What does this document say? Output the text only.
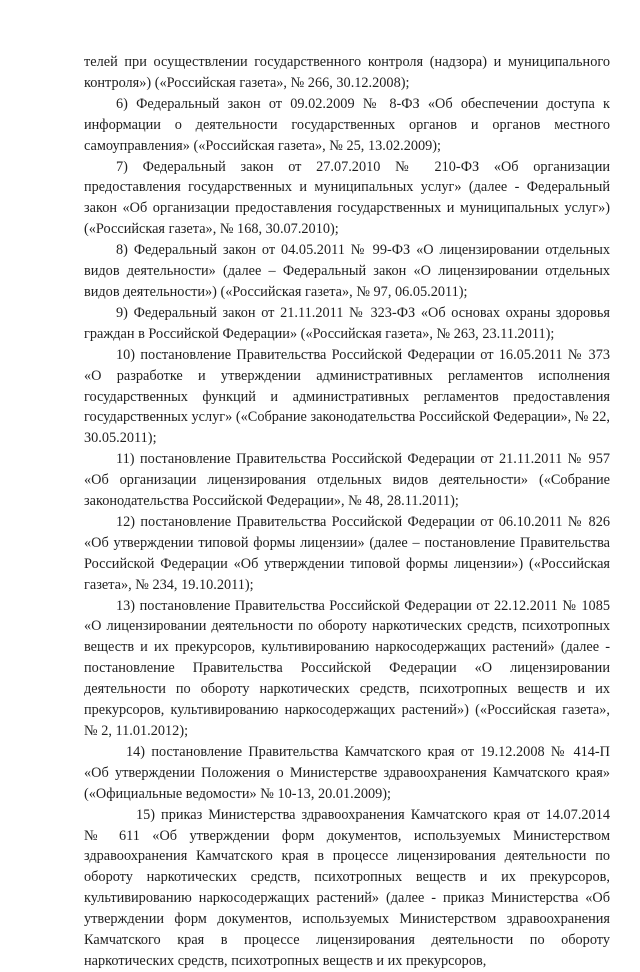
телей при осуществлении государственного контроля (надзора) и муниципального контроля») («Российская газета», № 266, 30.12.2008);

6) Федеральный закон от 09.02.2009 № 8-ФЗ «Об обеспечении доступа к информации о деятельности государственных органов и органов местного самоуправления» («Российская газета», № 25, 13.02.2009);

7) Федеральный закон от 27.07.2010 № 210-ФЗ «Об организации предоставления государственных и муниципальных услуг» (далее - Федеральный закон «Об организации предоставления государственных и муниципальных услуг») («Российская газета», № 168, 30.07.2010);

8) Федеральный закон от 04.05.2011 № 99-ФЗ «О лицензировании отдельных видов деятельности» (далее – Федеральный закон «О лицензировании отдельных видов деятельности») («Российская газета», № 97, 06.05.2011);

9) Федеральный закон от 21.11.2011 № 323-ФЗ «Об основах охраны здоровья граждан в Российской Федерации» («Российская газета», № 263, 23.11.2011);

10) постановление Правительства Российской Федерации от 16.05.2011 № 373 «О разработке и утверждении административных регламентов исполнения государственных функций и административных регламентов предоставления государственных услуг» («Собрание законодательства Российской Федерации», № 22, 30.05.2011);

11) постановление Правительства Российской Федерации от 21.11.2011 № 957 «Об организации лицензирования отдельных видов деятельности» («Собрание законодательства Российской Федерации», № 48, 28.11.2011);

12) постановление Правительства Российской Федерации от 06.10.2011 № 826 «Об утверждении типовой формы лицензии» (далее – постановление Правительства Российской Федерации «Об утверждении типовой формы лицензии») («Российская газета», № 234, 19.10.2011);

13) постановление Правительства Российской Федерации от 22.12.2011 № 1085 «О лицензировании деятельности по обороту наркотических средств, психотропных веществ и их прекурсоров, культивированию наркосодержащих растений» (далее - постановление Правительства Российской Федерации «О лицензировании деятельности по обороту наркотических средств, психотропных веществ и их прекурсоров, культивированию наркосодержащих растений») («Российская газета», № 2, 11.01.2012);

14) постановление Правительства Камчатского края от 19.12.2008 № 414-П «Об утверждении Положения о Министерстве здравоохранения Камчатского края» («Официальные ведомости» № 10-13, 20.01.2009);

15) приказ Министерства здравоохранения Камчатского края от 14.07.2014 № 611 «Об утверждении форм документов, используемых Министерством здравоохранения Камчатского края в процессе лицензирования деятельности по обороту наркотических средств, психотропных веществ и их прекурсоров, культивированию наркосодержащих растений» (далее - приказ Министерства «Об утверждении форм документов, используемых Министерством здравоохранения Камчатского края в процессе лицензирования деятельности по обороту наркотических средств, психотропных веществ и их прекурсоров,
